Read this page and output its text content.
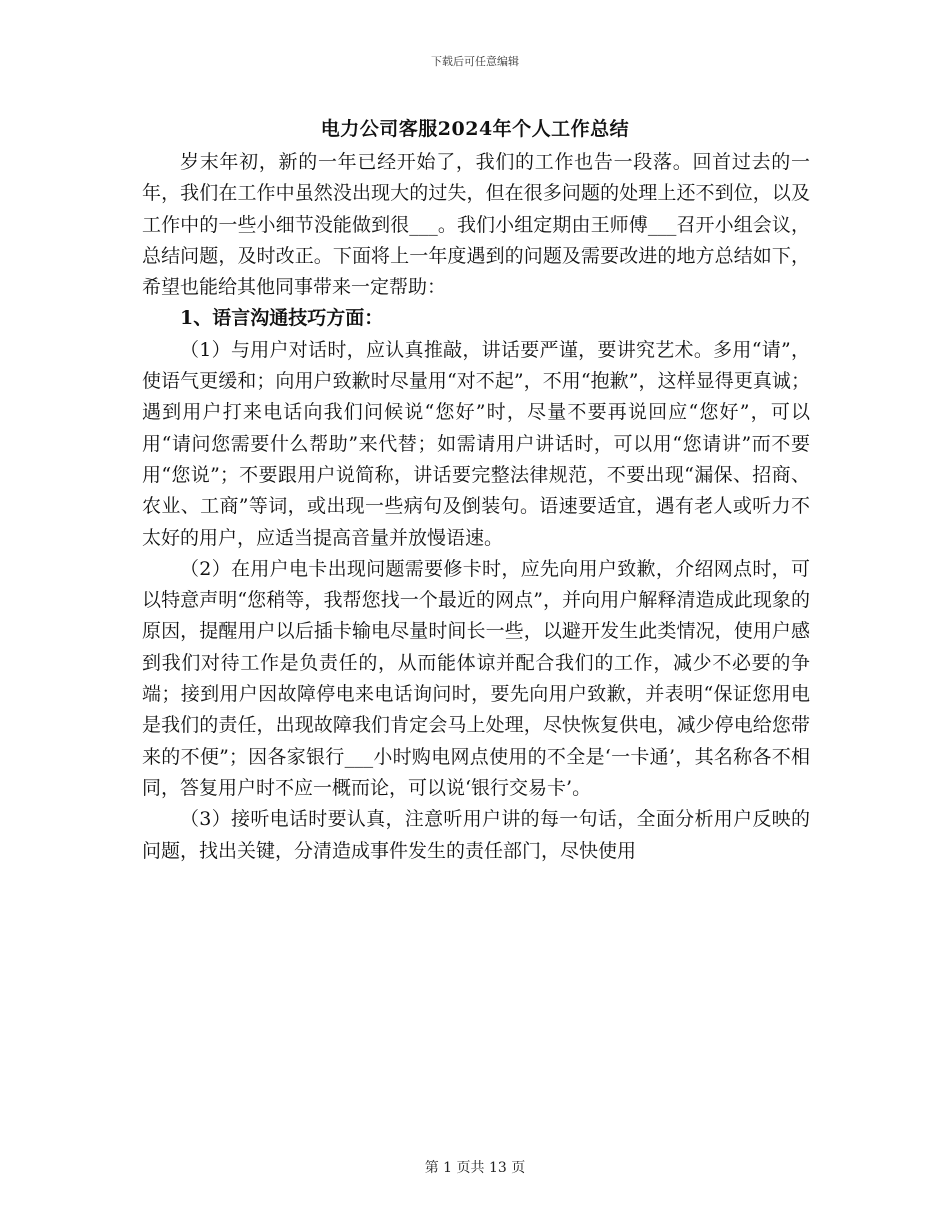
下载后可任意编辑
电力公司客服2024年个人工作总结

岁末年初，新的一年已经开始了，我们的工作也告一段落。回首过去的一年，我们在工作中虽然没出现大的过失，但在很多问题的处理上还不到位，以及工作中的一些小细节没能做到很___。我们小组定期由王师傅___召开小组会议，总结问题，及时改正。下面将上一年度遇到的问题及需要改进的地方总结如下，希望也能给其他同事带来一定帮助：

1、语言沟通技巧方面：

（1）与用户对话时，应认真推敲，讲话要严谨，要讲究艺术。多用“请”，使语气更缓和；向用户致歉时尽量用“对不起”，不用“抱歉”，这样显得更真诚；遇到用户打来电话向我们问候说“您好”时，尽量不要再说回应“您好”，可以用“请问您需要什么帮助”来代替；如需请用户讲话时，可以用“您请讲”而不要用“您说”；不要跟用户说简称，讲话要完整法律规范，不要出现“漏保、招商、农业、工商”等词，或出现一些病句及倒装句。语速要适宜，遇有老人或听力不太好的用户，应适当提高音量并放慢语速。

（2）在用户电卡出现问题需要修卡时，应先向用户致歉，介绍网点时，可以特意声明“您稍等，我帮您找一个最近的网点”，并向用户解释清造成此现象的原因，提醒用户以后插卡输电尽量时间长一些，以避开发生此类情况，使用户感到我们对待工作是负责任的，从而能体谅并配合我们的工作，减少不必要的争端；接到用户因故障停电来电话询问时，要先向用户致歉，并表明“保证您用电是我们的责任，出现故障我们肯定会马上处理，尽快恢复供电，减少停电给您带来的不便”；因各家银行___小时购电网点使用的不全是‘一卡通’，其名称各不相同，答复用户时不应一概而论，可以说‘银行交易卡’。

（3）接听电话时要认真，注意听用户讲的每一句话，全面分析用户反映的问题，找出关键，分清造成事件发生的责任部门，尽快使用

第 1 页共 13 页
